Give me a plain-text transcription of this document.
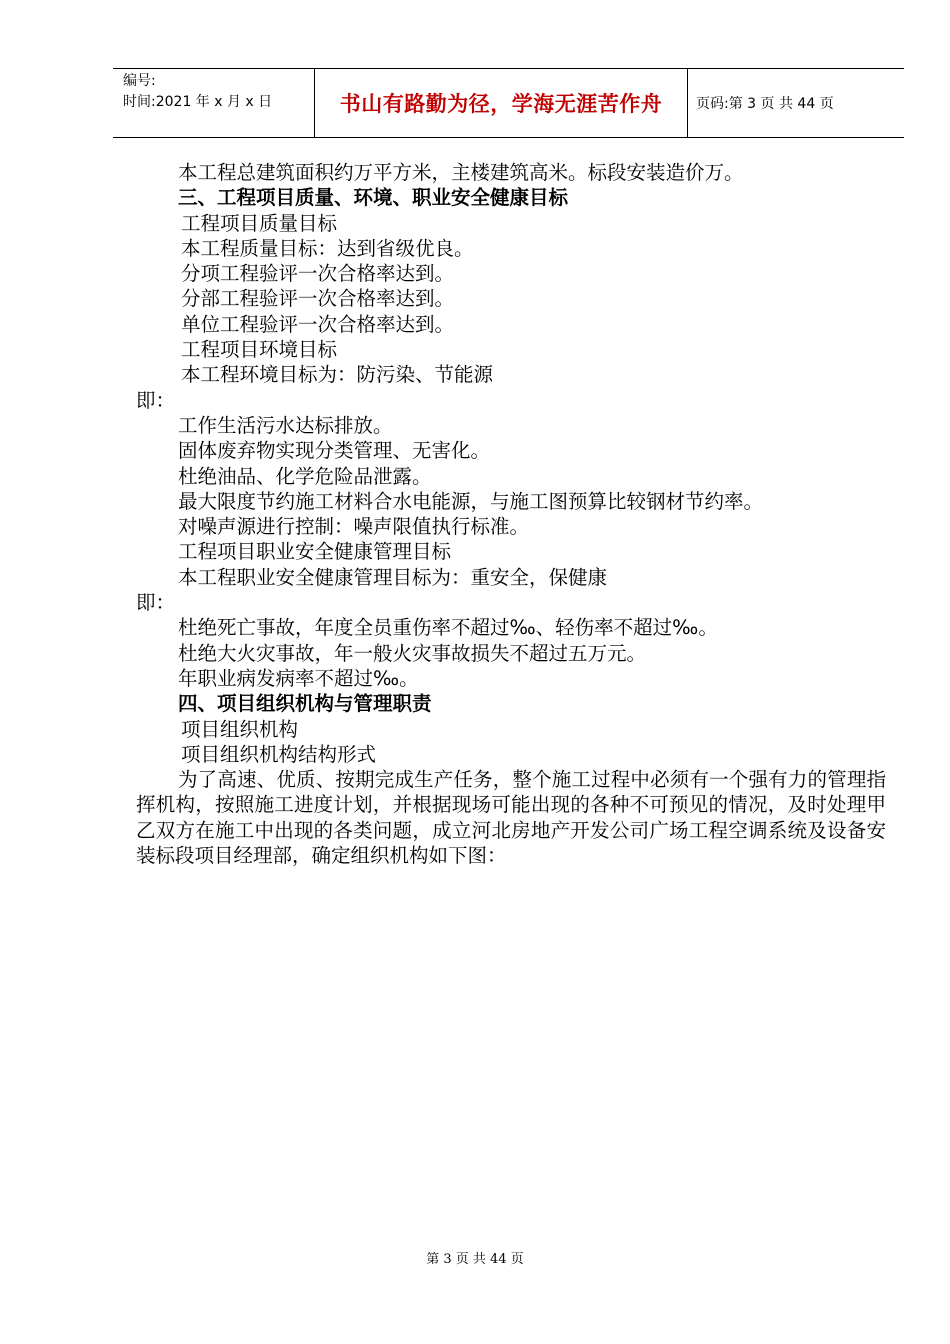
编号:
时间:2021 年 x 月 x 日	书山有路勤为径，学海无涯苦作舟 页码:第 3 页 共 44 页
本工程总建筑面积约万平方米，主楼建筑高米。标段安装造价万。
三、工程项目质量、环境、职业安全健康目标
工程项目质量目标
本工程质量目标：达到省级优良。
分项工程验评一次合格率达到。
分部工程验评一次合格率达到。
单位工程验评一次合格率达到。
工程项目环境目标
本工程环境目标为：防污染、节能源
即：
工作生活污水达标排放。
固体废弃物实现分类管理、无害化。
杜绝油品、化学危险品泄露。
最大限度节约施工材料合水电能源，与施工图预算比较钢材节约率。
对噪声源进行控制：噪声限值执行标准。
工程项目职业安全健康管理目标
本工程职业安全健康管理目标为：重安全，保健康
即：
杜绝死亡事故，年度全员重伤率不超过‰、轻伤率不超过‰。
杜绝大火灾事故，年一般火灾事故损失不超过五万元。
年职业病发病率不超过‰。
四、项目组织机构与管理职责
项目组织机构
项目组织机构结构形式

为了高速、优质、按期完成生产任务，整个施工过程中必须有一个强有力的管理指挥机构，按照施工进度计划，并根据现场可能出现的各种不可预见的情况，及时处理甲乙双方在施工中出现的各类问题，成立河北房地产开发公司广场工程空调系统及设备安装标段项目经理部，确定组织机构如下图：

第 3 页 共 44 页
